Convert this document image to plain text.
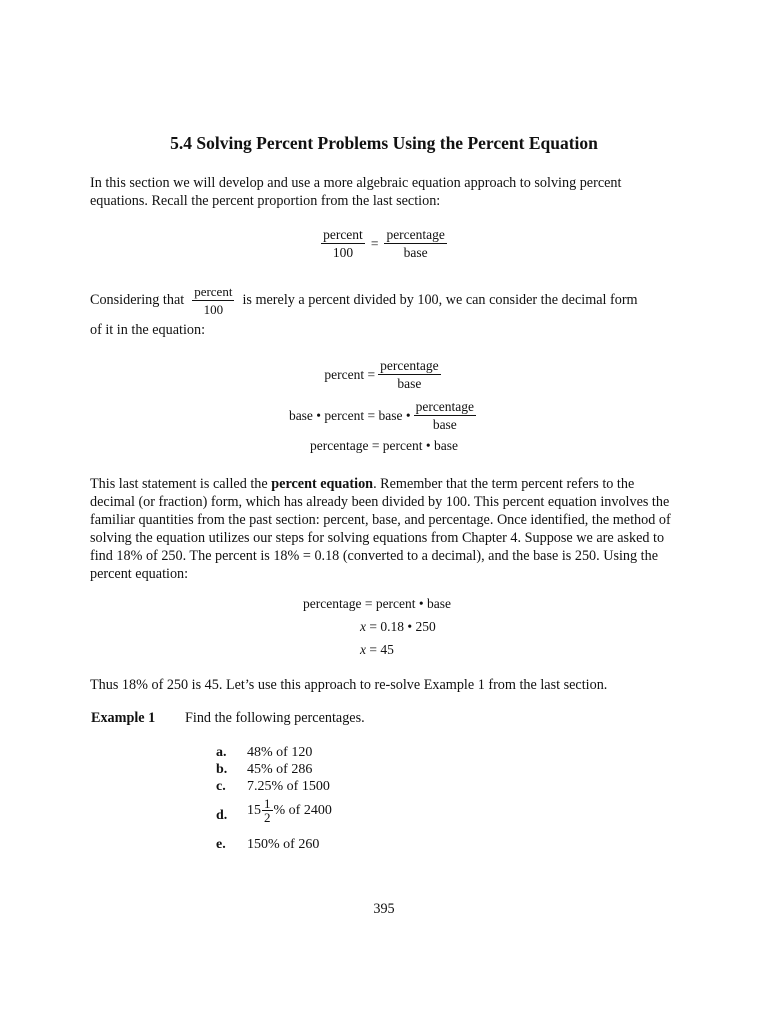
5.4 Solving Percent Problems Using the Percent Equation
In this section we will develop and use a more algebraic equation approach to solving percent equations. Recall the percent proportion from the last section:
$\frac{\text{percent}}{100} = \frac{\text{percentage}}{\text{base}}$
Considering that $\frac{\text{percent}}{100}$ is merely a percent divided by 100, we can consider the decimal form
of it in the equation:
percent = $\frac{\text{percentage}}{\text{base}}$
base • percent = base • $\frac{\text{percentage}}{\text{base}}$
percentage = percent • base
This last statement is called the percent equation. Remember that the term percent refers to the decimal (or fraction) form, which has already been divided by 100. This percent equation involves the familiar quantities from the past section: percent, base, and percentage. Once identified, the method of solving the equation utilizes our steps for solving equations from Chapter 4. Suppose we are asked to find 18% of 250. The percent is 18% = 0.18 (converted to a decimal), and the base is 250. Using the percent equation:
percentage = percent • base
x = 0.18 • 250
x = 45
Thus 18% of 250 is 45. Let’s use this approach to re-solve Example 1 from the last section.
Example 1 Find the following percentages.
a. 48% of 120
b. 45% of 286
c. 7.25% of 1500
d. $15 \frac{1}{2}$ % of 2400
e. 150% of 260
395
